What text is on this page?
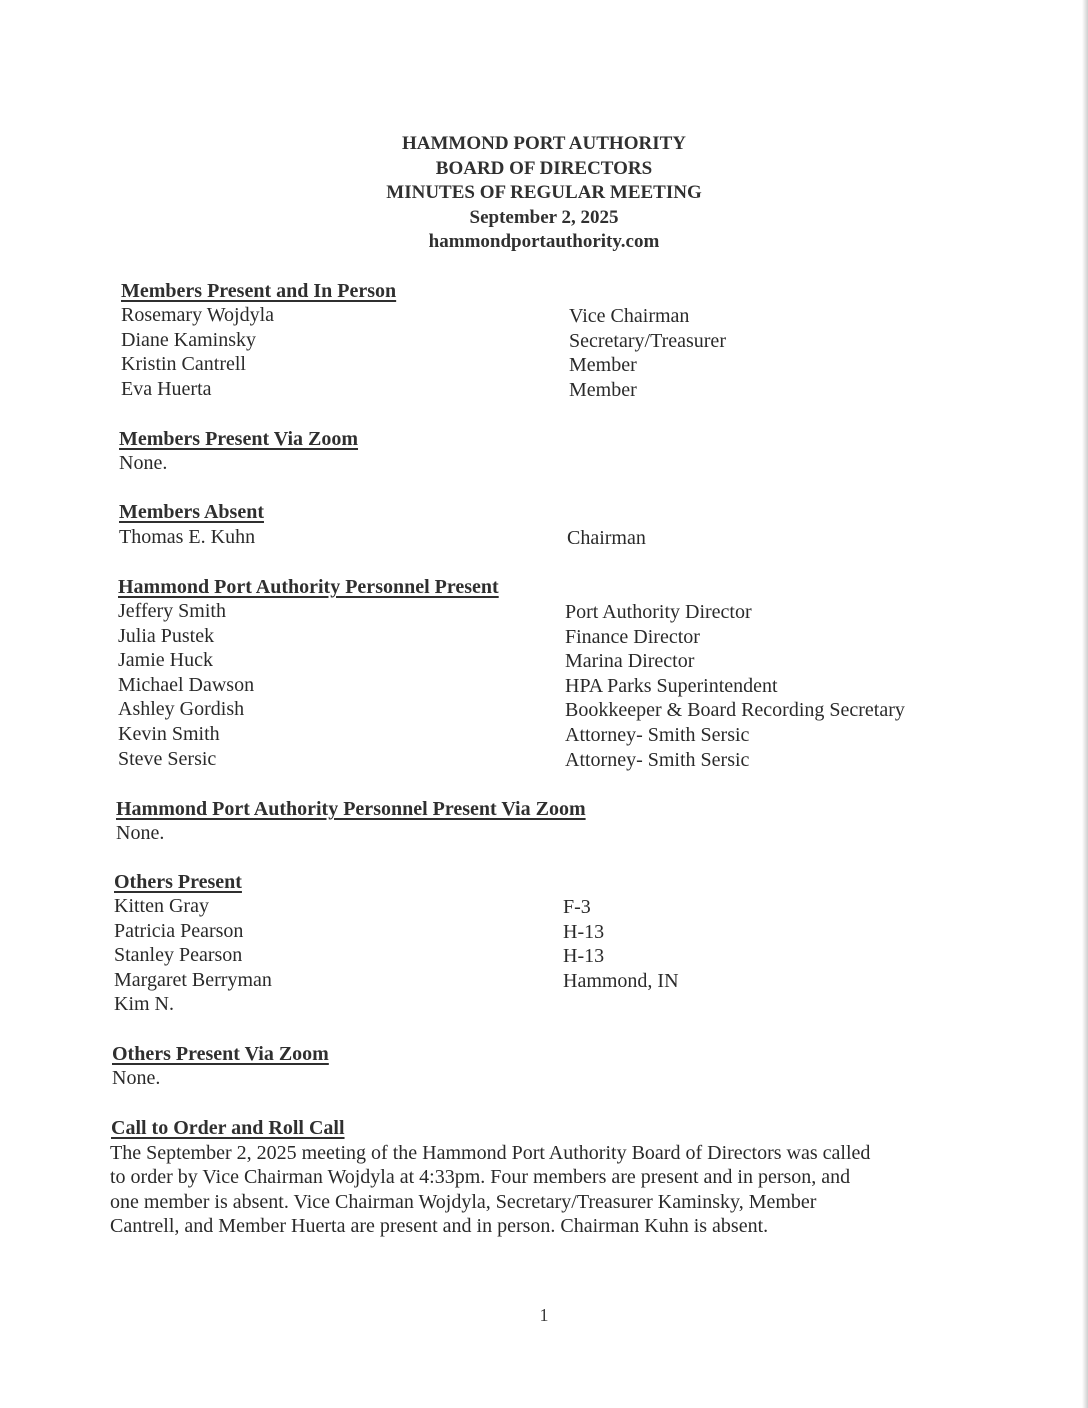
HAMMOND PORT AUTHORITY
BOARD OF DIRECTORS
MINUTES OF REGULAR MEETING
September 2, 2025
hammondportauthority.com
Members Present and In Person
Rosemary Wojdyla
Diane Kaminsky
Kristin Cantrell
Eva Huerta
Vice Chairman
Secretary/Treasurer
Member
Member
Members Present Via Zoom
None.
Members Absent
Thomas E. Kuhn	Chairman
Hammond Port Authority Personnel Present
Jeffery Smith
Julia Pustek
Jamie Huck
Michael Dawson
Ashley Gordish
Kevin Smith
Steve Sersic
Port Authority Director
Finance Director
Marina Director
HPA Parks Superintendent
Bookkeeper & Board Recording Secretary
Attorney- Smith Sersic
Attorney- Smith Sersic
Hammond Port Authority Personnel Present Via Zoom
None.
Others Present
Kitten Gray
Patricia Pearson
Stanley Pearson
Margaret Berryman
Kim N.
F-3
H-13
H-13
Hammond, IN
Others Present Via Zoom
None.
Call to Order and Roll Call
The September 2, 2025 meeting of the Hammond Port Authority Board of Directors was called
to order by Vice Chairman Wojdyla at 4:33pm. Four members are present and in person, and
one member is absent. Vice Chairman Wojdyla, Secretary/Treasurer Kaminsky, Member
Cantrell, and Member Huerta are present and in person. Chairman Kuhn is absent.
1
